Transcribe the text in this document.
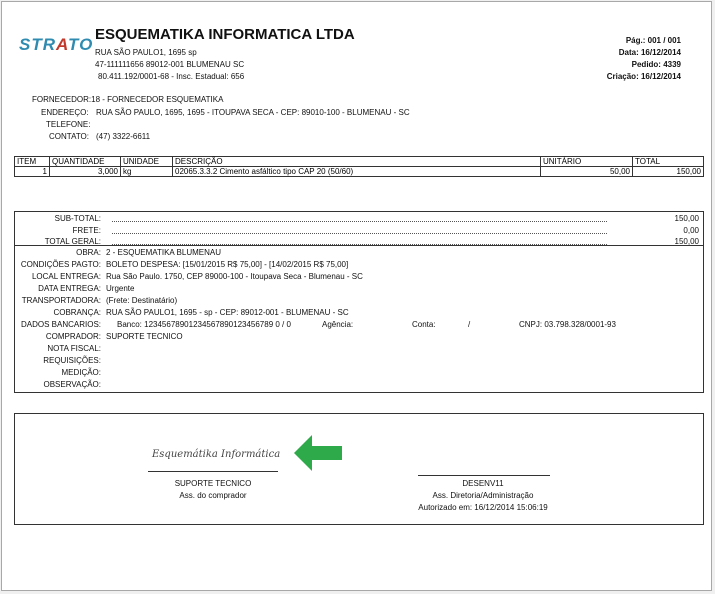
STRATO
ESQUEMATIKA INFORMATICA LTDA
RUA SÃO PAULO1, 1695 sp
47-111111656 89012-001 BLUMENAU SC
80.411.192/0001-68 - Insc. Estadual: 656
Pág.: 001 / 001
Data: 16/12/2014
Pedido: 4339
Criação: 16/12/2014
FORNECEDOR:18 - FORNECEDOR ESQUEMATIKA
ENDEREÇO: RUA SÃO PAULO, 1695, 1695 - ITOUPAVA SECA - CEP: 89010-100 - BLUMENAU - SC
TELEFONE:
CONTATO: (47) 3322-6611
ITEM	QUANTIDADE	UNIDADE	DESCRIÇÃO	UNITÁRIO	TOTAL
1	3,000	kg	02065.3.3.2 Cimento asfáltico tipo CAP 20 (50/60)	50,00	150,00
SUB-TOTAL:	150,00
FRETE:	0,00
TOTAL GERAL:	150,00
OBRA: 2 - ESQUEMATIKA BLUMENAU
CONDIÇÕES PAGTO: BOLETO DESPESA: [15/01/2015 R$ 75,00] - [14/02/2015 R$ 75,00]
LOCAL ENTREGA: Rua São Paulo. 1750, CEP 89000-100 - Itoupava Seca - Blumenau - SC
DATA ENTREGA: Urgente
TRANSPORTADORA: (Frete: Destinatário)
COBRANÇA: RUA SÃO PAULO1, 1695 - sp - CEP: 89012-001 - BLUMENAU - SC
DADOS BANCARIOS: Banco: 12345678901234567890123456789 0 / 0	Agência:	Conta:	/	CNPJ: 03.798.328/0001-93
COMPRADOR: SUPORTE TECNICO
NOTA FISCAL:
REQUISIÇÕES:
MEDIÇÃO:
OBSERVAÇÃO:
Esquemátika Informática
SUPORTE TECNICO
Ass. do comprador
DESENV11
Ass. Diretoria/Administração
Autorizado em: 16/12/2014 15:06:19
